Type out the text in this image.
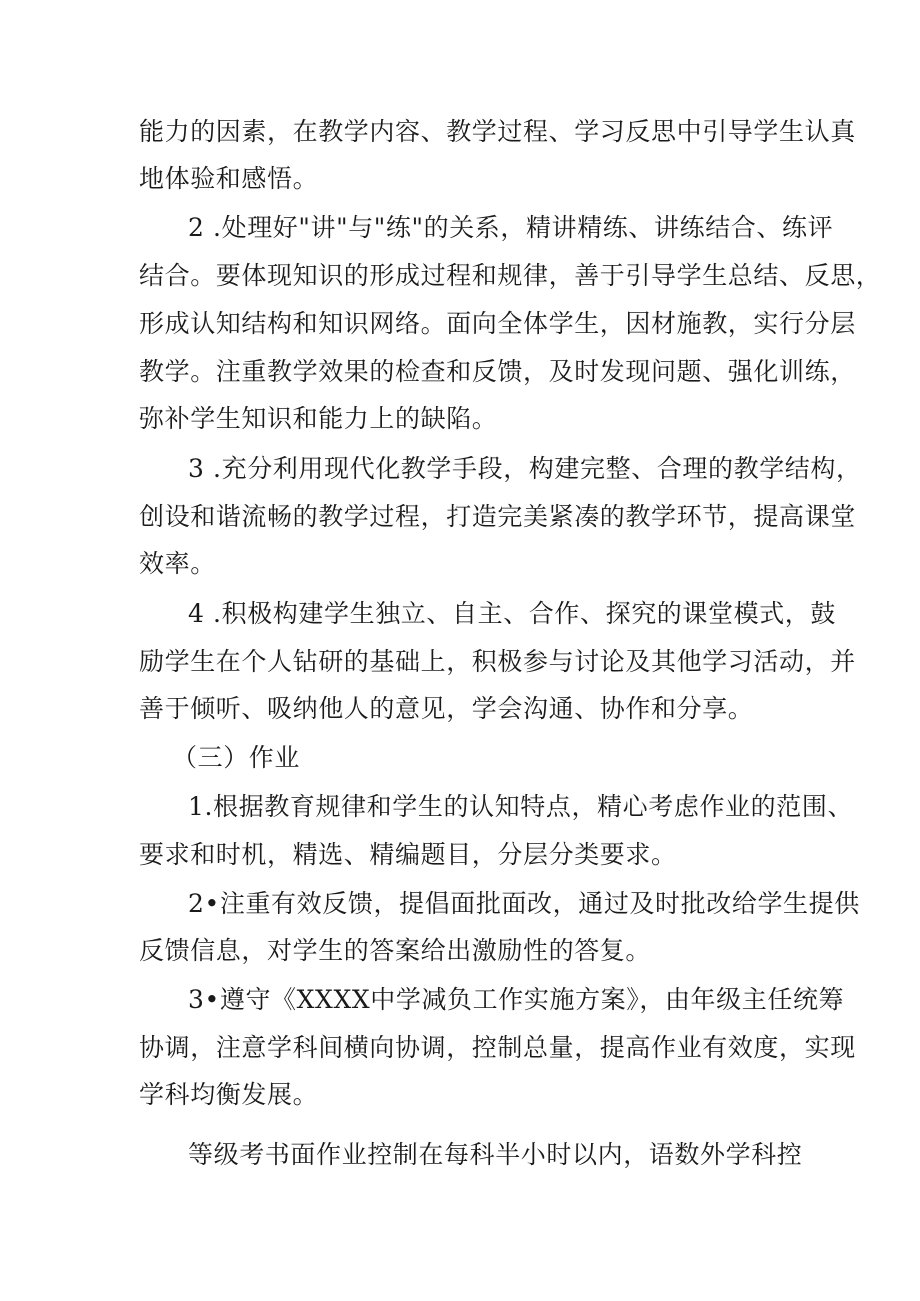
能力的因素，在教学内容、教学过程、学习反思中引导学生认真
地体验和感悟。
2 .处理好"讲"与"练"的关系，精讲精练、讲练结合、练评
结合。要体现知识的形成过程和规律，善于引导学生总结、反思，
形成认知结构和知识网络。面向全体学生，因材施教，实行分层
教学。注重教学效果的检查和反馈，及时发现问题、强化训练，
弥补学生知识和能力上的缺陷。
3 .充分利用现代化教学手段，构建完整、合理的教学结构，
创设和谐流畅的教学过程，打造完美紧凑的教学环节，提高课堂
效率。
4 .积极构建学生独立、自主、合作、探究的课堂模式，鼓
励学生在个人钻研的基础上，积极参与讨论及其他学习活动，并
善于倾听、吸纳他人的意见，学会沟通、协作和分享。
（三）作业
1.根据教育规律和学生的认知特点，精心考虑作业的范围、
要求和时机，精选、精编题目，分层分类要求。
2•注重有效反馈，提倡面批面改，通过及时批改给学生提供
反馈信息，对学生的答案给出激励性的答复。
3•遵守《XXXX中学减负工作实施方案》，由年级主任统筹
协调，注意学科间横向协调，控制总量，提高作业有效度，实现
学科均衡发展。
等级考书面作业控制在每科半小时以内，语数外学科控
